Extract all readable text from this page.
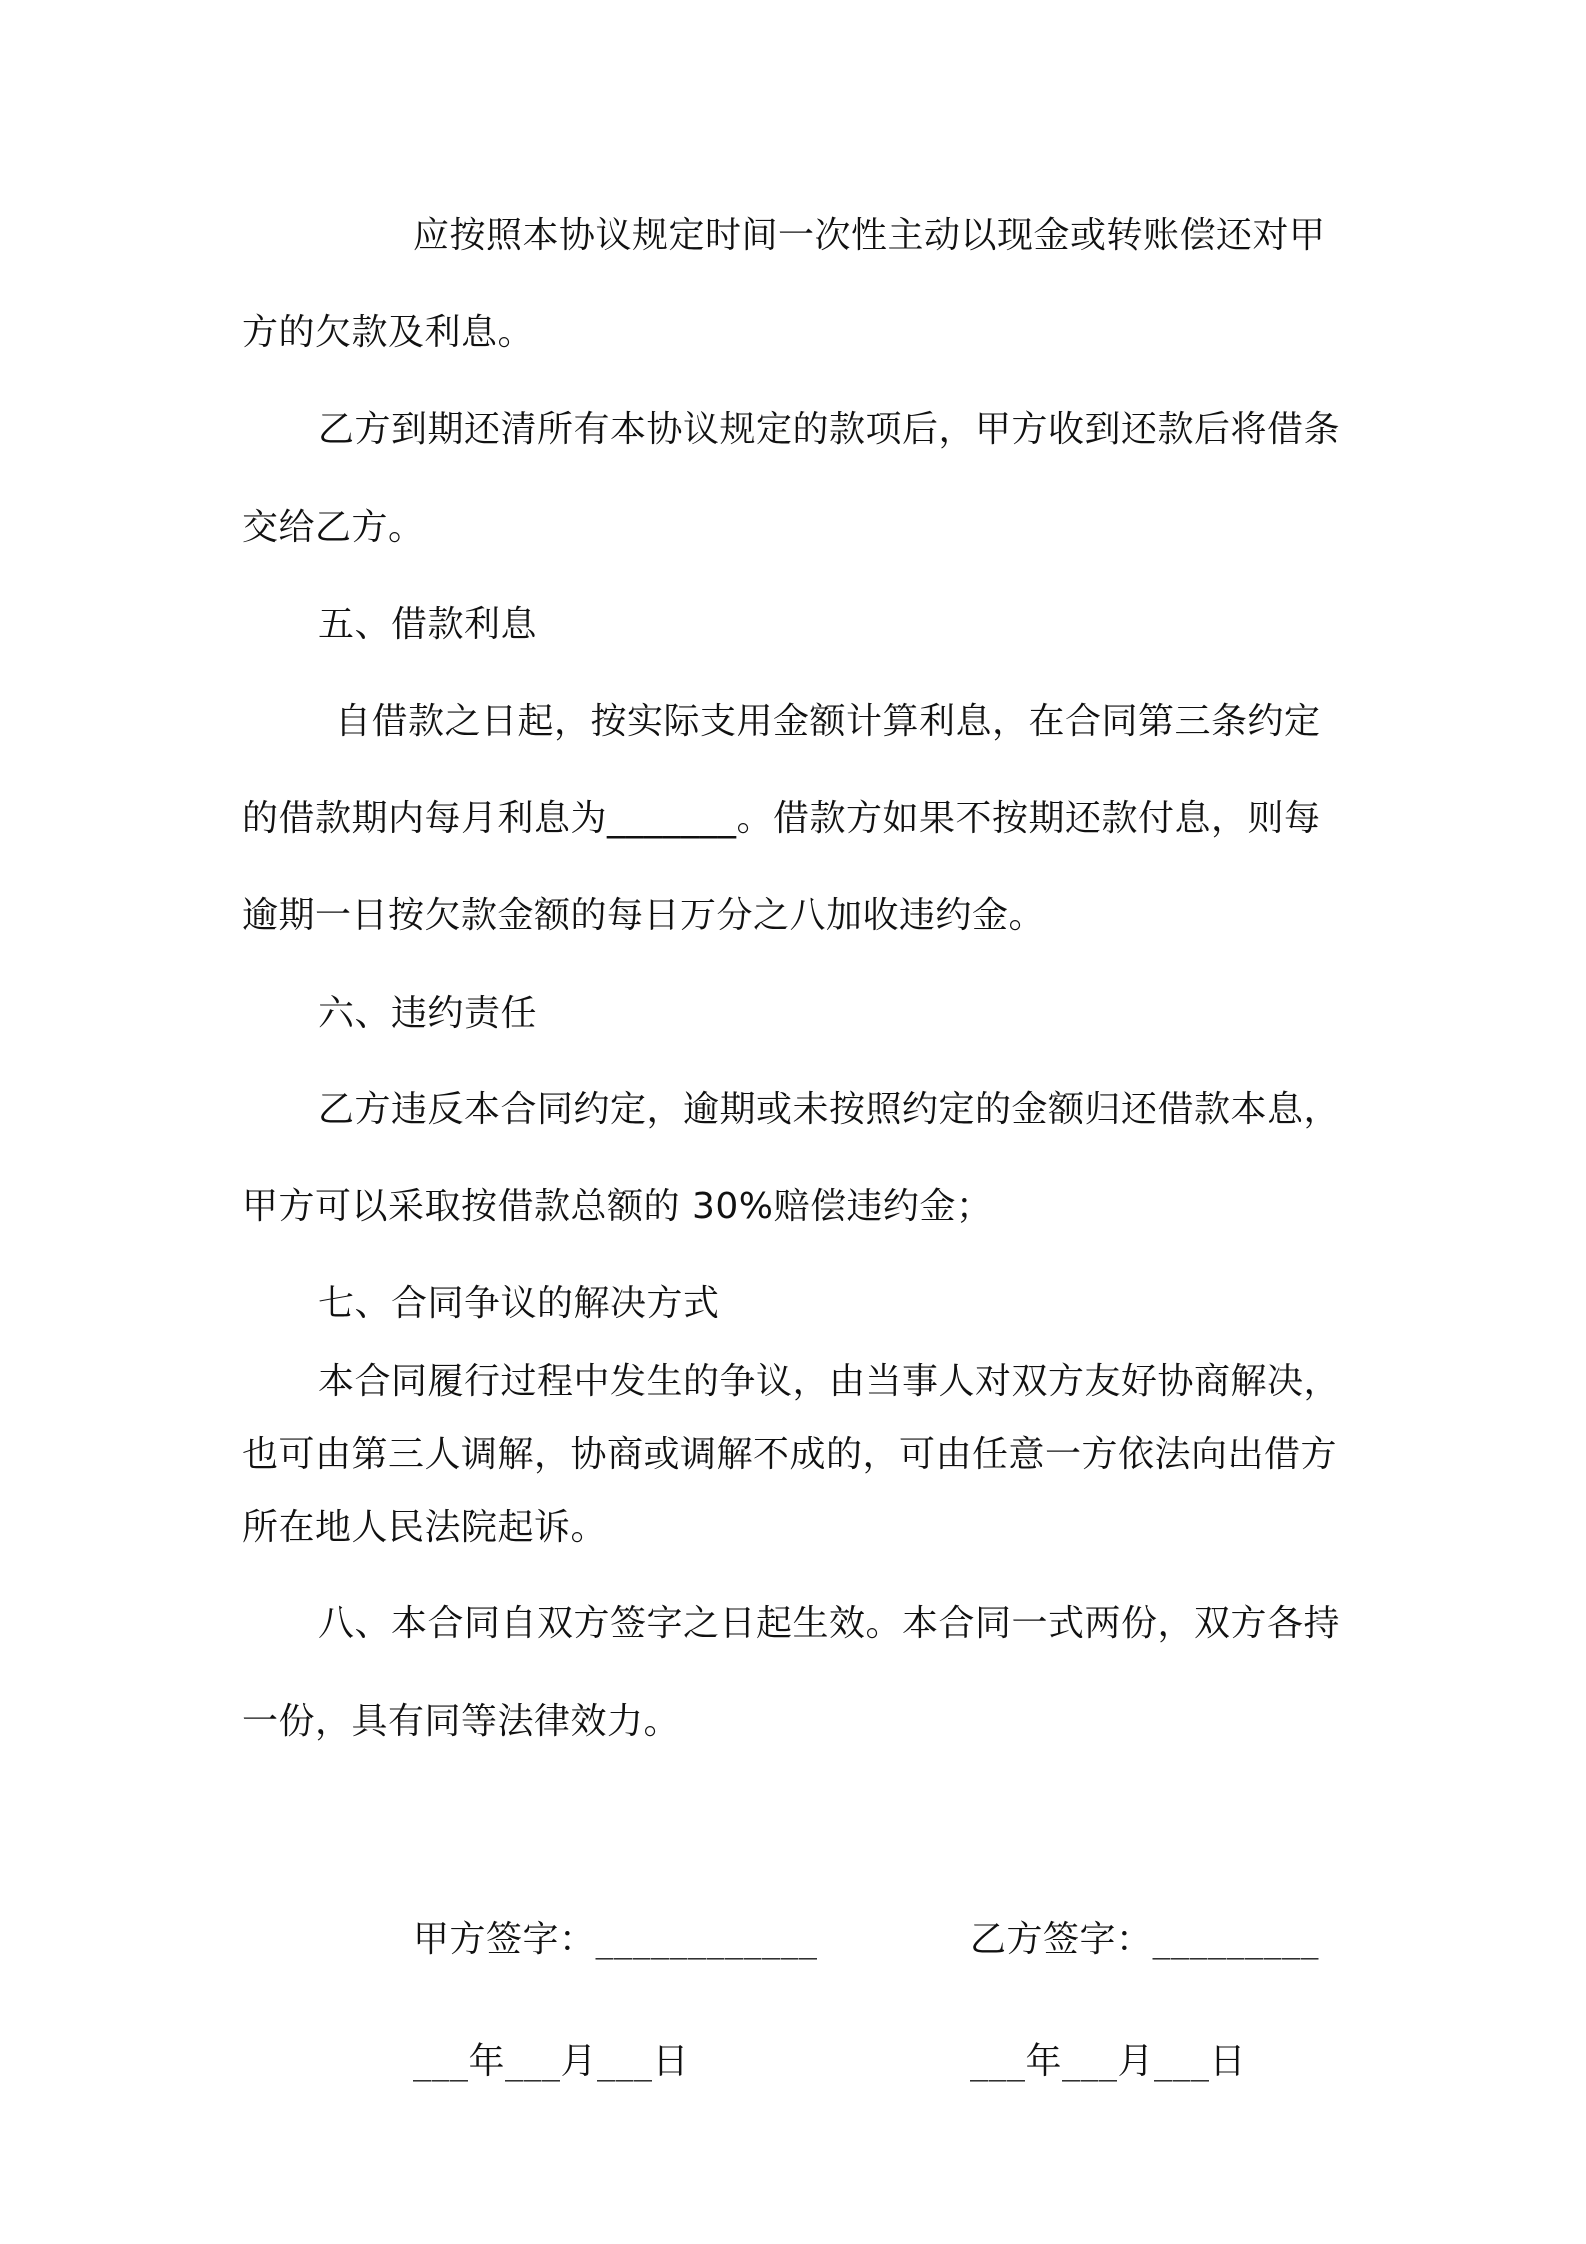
应按照本协议规定时间一次性主动以现金或转账偿还对甲
方的欠款及利息。
乙方到期还清所有本协议规定的款项后，甲方收到还款后将借条
交给乙方。
五、借款利息
自借款之日起，按实际支用金额计算利息，在合同第三条约定
的借款期内每月利息为_______。借款方如果不按期还款付息，则每
逾期一日按欠款金额的每日万分之八加收违约金。
六、违约责任
乙方违反本合同约定，逾期或未按照约定的金额归还借款本息，
甲方可以采取按借款总额的 30%赔偿违约金；
七、合同争议的解决方式
本合同履行过程中发生的争议，由当事人对双方友好协商解决，
也可由第三人调解，协商或调解不成的，可由任意一方依法向出借方
所在地人民法院起诉。
八、本合同自双方签字之日起生效。本合同一式两份，双方各持
一份，具有同等法律效力。
甲方签字：____________	乙方签字：_________
___年___月___日	___年___月___日
